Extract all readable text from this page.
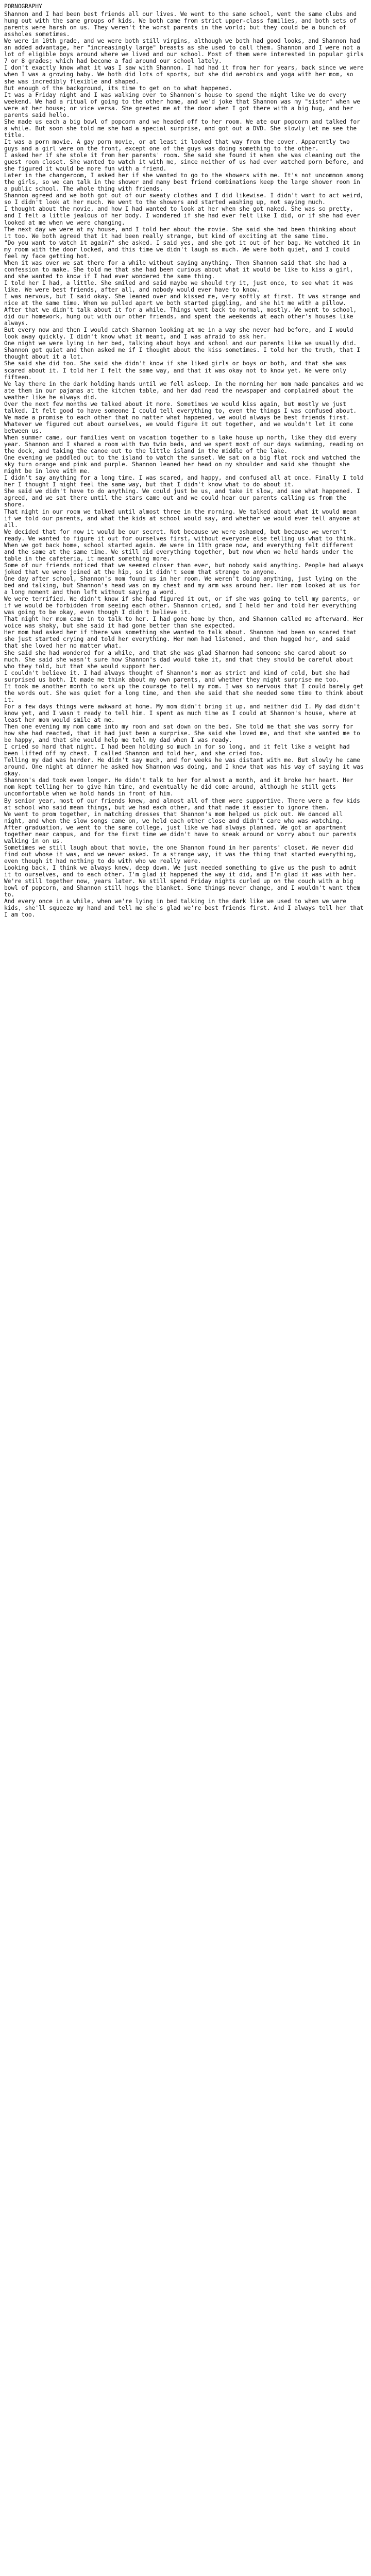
PORNOGRAPHY

Shannon and I had been best friends all our lives. We went to the same school, went the same clubs and hung out with the same groups of kids. We both came from strict upper-class families, and both sets of parents were harsh on us. They weren't the worst parents in the world; but they could be a bunch of assholes sometimes.

We were in 10th grade, and we were both still virgins, although we both had good looks, and Shannon had an added advantage, her "increasingly large" breasts as she used to call them. Shannon and I were not a lot of eligible boys around where we lived and our school. Most of them were interested in popular girls 7 or 8 grades; which had become a fad around our school lately.

I don't exactly know what it was I saw with Shannon. I had had it from her for years, back since we were when I was a growing baby. We both did lots of sports, but she did aerobics and yoga with her mom, so she was incredibly flexible and shaped.

But enough of the background, its time to get on to what happened.

It was a Friday night and I was walking over to Shannon's house to spend the night like we do every weekend. We had a ritual of going to the other home, and we'd joke that Shannon was my "sister" when we were at her house; or vice versa. She greeted me at the door when I got there with a big hug, and her parents said hello.

She made us each a big bowl of popcorn and we headed off to her room. We ate our popcorn and talked for a while. But soon she told me she had a special surprise, and got out a DVD. She slowly let me see the title.

It was a porn movie. A gay porn movie, or at least it looked that way from the cover. Apparently two guys and a girl were on the front, except one of the guys was doing something to the other.

I asked her if she stole it from her parents' room. She said she found it when she was cleaning out the guest room closet. She wanted to watch it with me, since neither of us had ever watched porn before, and she figured it would be more fun with a friend.

Later in the changeroom, I asked her if she wanted to go to the showers with me. It's not uncommon among the girls, so we can talk in the shower and many best friend combinations keep the large shower room in a public school. The whole thing with friends.

Shannon agreed and we both got out of our sweaty clothes and I did likewise. I didn't want to act weird, so I didn't look at her much. We went to the showers and started washing up, not saying much.

I thought about the movie, and how I had wanted to look at her when she got naked. She was so pretty, and I felt a little jealous of her body. I wondered if she had ever felt like I did, or if she had ever looked at me when we were changing.

The next day we were at my house, and I told her about the movie. She said she had been thinking about it too. We both agreed that it had been really strange, but kind of exciting at the same time.

"Do you want to watch it again?" she asked. I said yes, and she got it out of her bag. We watched it in my room with the door locked, and this time we didn't laugh as much. We were both quiet, and I could feel my face getting hot.

When it was over we sat there for a while without saying anything. Then Shannon said that she had a confession to make. She told me that she had been curious about what it would be like to kiss a girl, and she wanted to know if I had ever wondered the same thing.

I told her I had, a little. She smiled and said maybe we should try it, just once, to see what it was like. We were best friends, after all, and nobody would ever have to know.

I was nervous, but I said okay. She leaned over and kissed me, very softly at first. It was strange and nice at the same time. When we pulled apart we both started giggling, and she hit me with a pillow.

After that we didn't talk about it for a while. Things went back to normal, mostly. We went to school, did our homework, hung out with our other friends, and spent the weekends at each other's houses like always.

But every now and then I would catch Shannon looking at me in a way she never had before, and I would look away quickly. I didn't know what it meant, and I was afraid to ask her.

One night we were lying in her bed, talking about boys and school and our parents like we usually did. Shannon got quiet and then asked me if I thought about the kiss sometimes. I told her the truth, that I thought about it a lot.

She said she did too. She said she didn't know if she liked girls or boys or both, and that she was scared about it. I told her I felt the same way, and that it was okay not to know yet. We were only fifteen.

We lay there in the dark holding hands until we fell asleep. In the morning her mom made pancakes and we ate them in our pajamas at the kitchen table, and her dad read the newspaper and complained about the weather like he always did.

Over the next few months we talked about it more. Sometimes we would kiss again, but mostly we just talked. It felt good to have someone I could tell everything to, even the things I was confused about.

We made a promise to each other that no matter what happened, we would always be best friends first. Whatever we figured out about ourselves, we would figure it out together, and we wouldn't let it come between us.

When summer came, our families went on vacation together to a lake house up north, like they did every year. Shannon and I shared a room with two twin beds, and we spent most of our days swimming, reading on the dock, and taking the canoe out to the little island in the middle of the lake.

One evening we paddled out to the island to watch the sunset. We sat on a big flat rock and watched the sky turn orange and pink and purple. Shannon leaned her head on my shoulder and said she thought she might be in love with me.

I didn't say anything for a long time. I was scared, and happy, and confused all at once. Finally I told her I thought I might feel the same way, but that I didn't know what to do about it.

She said we didn't have to do anything. We could just be us, and take it slow, and see what happened. I agreed, and we sat there until the stars came out and we could hear our parents calling us from the shore.

That night in our room we talked until almost three in the morning. We talked about what it would mean if we told our parents, and what the kids at school would say, and whether we would ever tell anyone at all.

We decided that for now it would be our secret. Not because we were ashamed, but because we weren't ready. We wanted to figure it out for ourselves first, without everyone else telling us what to think.

When we got back home, school started again. We were in 11th grade now, and everything felt different and the same at the same time. We still did everything together, but now when we held hands under the table in the cafeteria, it meant something more.

Some of our friends noticed that we seemed closer than ever, but nobody said anything. People had always joked that we were joined at the hip, so it didn't seem that strange to anyone.

One day after school, Shannon's mom found us in her room. We weren't doing anything, just lying on the bed and talking, but Shannon's head was on my chest and my arm was around her. Her mom looked at us for a long moment and then left without saying a word.

We were terrified. We didn't know if she had figured it out, or if she was going to tell my parents, or if we would be forbidden from seeing each other. Shannon cried, and I held her and told her everything was going to be okay, even though I didn't believe it.

That night her mom came in to talk to her. I had gone home by then, and Shannon called me afterward. Her voice was shaky, but she said it had gone better than she expected.

Her mom had asked her if there was something she wanted to talk about. Shannon had been so scared that she just started crying and told her everything. Her mom had listened, and then hugged her, and said that she loved her no matter what.

She said she had wondered for a while, and that she was glad Shannon had someone she cared about so much. She said she wasn't sure how Shannon's dad would take it, and that they should be careful about who they told, but that she would support her.

I couldn't believe it. I had always thought of Shannon's mom as strict and kind of cold, but she had surprised us both. It made me think about my own parents, and whether they might surprise me too.

It took me another month to work up the courage to tell my mom. I was so nervous that I could barely get the words out. She was quiet for a long time, and then she said that she needed some time to think about it.

For a few days things were awkward at home. My mom didn't bring it up, and neither did I. My dad didn't know yet, and I wasn't ready to tell him. I spent as much time as I could at Shannon's house, where at least her mom would smile at me.

Then one evening my mom came into my room and sat down on the bed. She told me that she was sorry for how she had reacted, that it had just been a surprise. She said she loved me, and that she wanted me to be happy, and that she would help me tell my dad when I was ready.

I cried so hard that night. I had been holding so much in for so long, and it felt like a weight had been lifted off my chest. I called Shannon and told her, and she cried too.

Telling my dad was harder. He didn't say much, and for weeks he was distant with me. But slowly he came around. One night at dinner he asked how Shannon was doing, and I knew that was his way of saying it was okay.

Shannon's dad took even longer. He didn't talk to her for almost a month, and it broke her heart. Her mom kept telling her to give him time, and eventually he did come around, although he still gets uncomfortable when we hold hands in front of him.

By senior year, most of our friends knew, and almost all of them were supportive. There were a few kids at school who said mean things, but we had each other, and that made it easier to ignore them.

We went to prom together, in matching dresses that Shannon's mom helped us pick out. We danced all night, and when the slow songs came on, we held each other close and didn't care who was watching.

After graduation, we went to the same college, just like we had always planned. We got an apartment together near campus, and for the first time we didn't have to sneak around or worry about our parents walking in on us.

Sometimes we still laugh about that movie, the one Shannon found in her parents' closet. We never did find out whose it was, and we never asked. In a strange way, it was the thing that started everything, even though it had nothing to do with who we really were.

Looking back, I think we always knew, deep down. We just needed something to give us the push to admit it to ourselves, and to each other. I'm glad it happened the way it did, and I'm glad it was with her.

We're still together now, years later. We still spend Friday nights curled up on the couch with a big bowl of popcorn, and Shannon still hogs the blanket. Some things never change, and I wouldn't want them to.

And every once in a while, when we're lying in bed talking in the dark like we used to when we were kids, she'll squeeze my hand and tell me she's glad we're best friends first. And I always tell her that I am too.
